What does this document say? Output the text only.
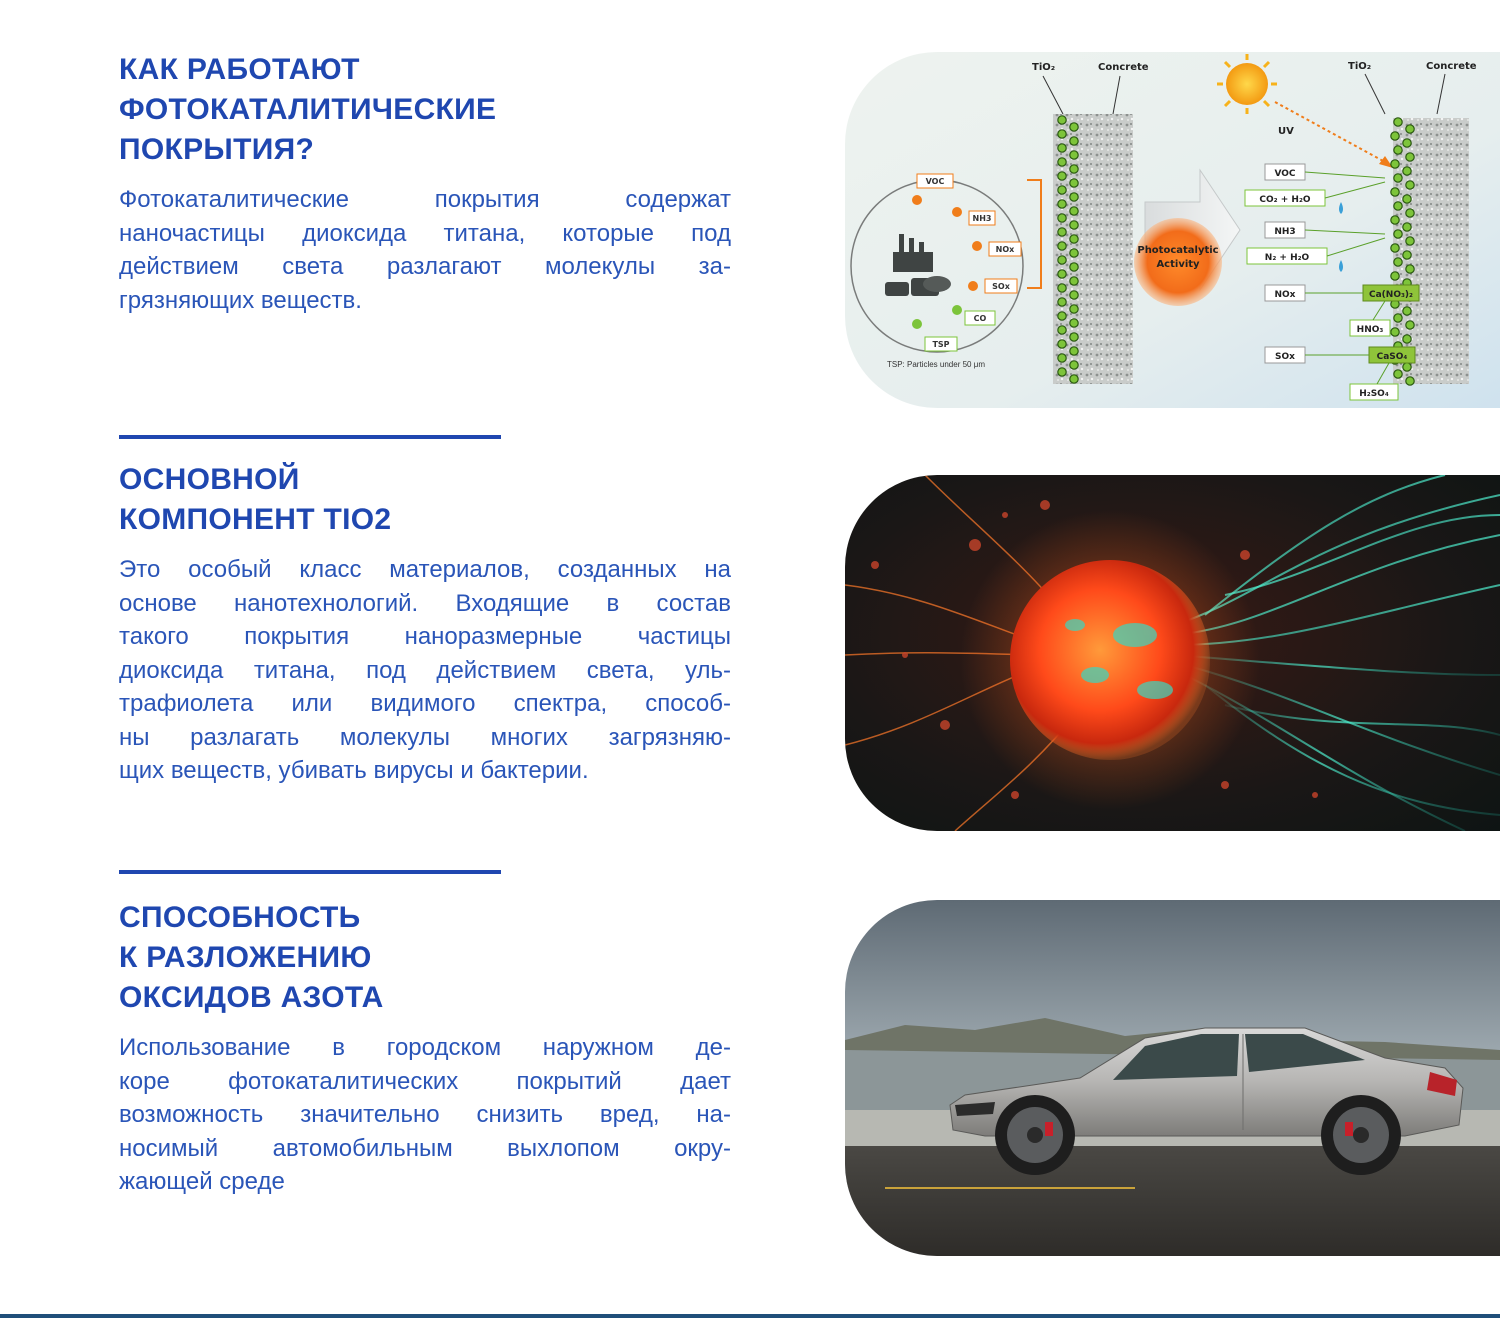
КАК РАБОТАЮТ
ФОТОКАТАЛИТИЧЕСКИЕ
ПОКРЫТИЯ?
Фотокаталитические покрытия содержат
наночастицы диоксида титана, которые под
действием света разлагают молекулы за-
грязняющих веществ.
ОСНОВНОЙ
КОМПОНЕНТ TIO2
Это особый класс материалов, созданных на
основе нанотехнологий. Входящие в состав
такого покрытия наноразмерные частицы
диоксида титана, под действием света, уль-
трафиолета или видимого спектра, способ-
ны разлагать молекулы многих загрязняю-
щих веществ, убивать вирусы и бактерии.
СПОСОБНОСТЬ
К РАЗЛОЖЕНИЮ
ОКСИДОВ АЗОТА
Использование в городском наружном де-
коре фотокаталитических покрытий дает
возможность значительно снизить вред, на-
носимый автомобильным выхлопом окру-
жающей среде
VOC
NH3
NOx
SOx
CO
TSP
TSP: Particles under 50 μm
TiO₂	Concrete
Photocatalytic
Activity
UV
TiO₂	Concrete
VOC
CO₂ + H₂O
NH3
N₂ + H₂O
NOx
SOx
Ca(NO₃)₂
HNO₃
CaSO₄
H₂SO₄
